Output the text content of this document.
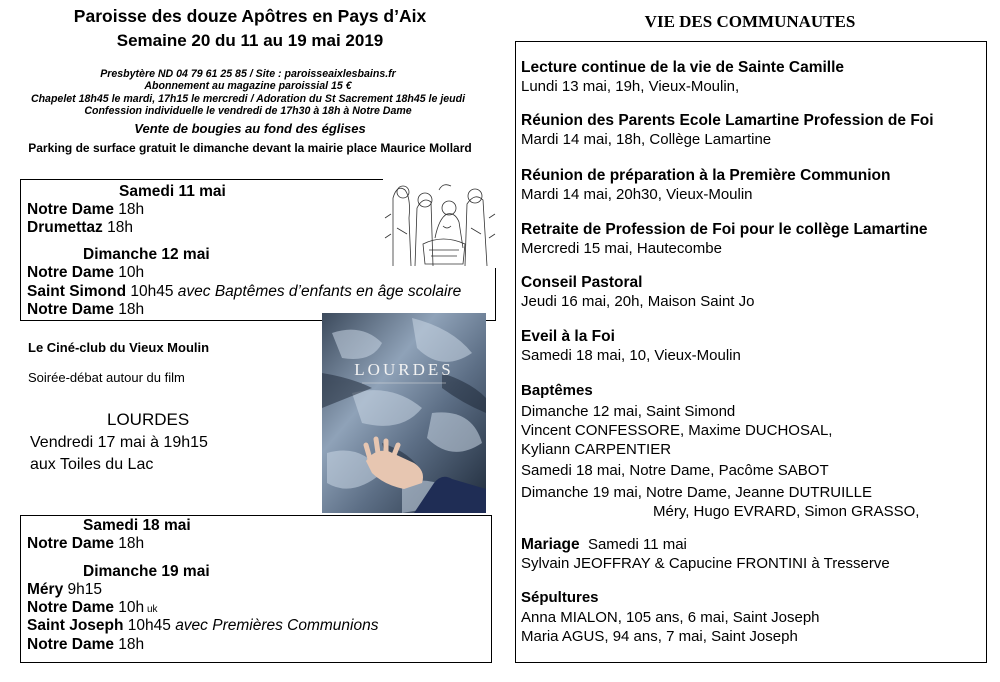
Paroisse des douze Apôtres en Pays d’Aix
Semaine 20 du 11 au 19 mai 2019
Presbytère ND 04 79 61 25 85 / Site : paroisseaixlesbains.fr
Abonnement au magazine paroissial 15 €
Chapelet 18h45 le mardi, 17h15 le mercredi / Adoration du St Sacrement 18h45 le jeudi
Confession individuelle le vendredi de 17h30 à 18h à Notre Dame
Vente de bougies au fond des églises
Parking de surface gratuit le dimanche devant la mairie place Maurice Mollard
Samedi 11 mai
Notre Dame 18h
Drumettaz 18h
Dimanche 12 mai
Notre Dame 10h
Saint Simond 10h45 avec Baptêmes d’enfants en âge scolaire
Notre Dame 18h
Le Ciné-club du Vieux Moulin
Soirée-débat autour du film
LOURDES
Vendredi 17 mai à 19h15
aux Toiles du Lac
LOURDES
Samedi 18 mai
Notre Dame 18h
Dimanche 19 mai
Méry 9h15
Notre Dame 10h uk
Saint Joseph 10h45 avec Premières Communions
Notre Dame 18h
VIE DES COMMUNAUTES
Lecture continue de la vie de Sainte Camille
Lundi 13 mai, 19h, Vieux-Moulin,
Réunion des Parents Ecole Lamartine Profession de Foi
Mardi 14 mai, 18h, Collège Lamartine
Réunion de préparation à la Première Communion
Mardi 14 mai, 20h30, Vieux-Moulin
Retraite de Profession de Foi pour le collège Lamartine
Mercredi 15 mai, Hautecombe
Conseil Pastoral
Jeudi 16 mai, 20h, Maison Saint Jo
Eveil à la Foi
Samedi 18 mai, 10, Vieux-Moulin
Baptêmes
Dimanche 12 mai, Saint Simond
Vincent CONFESSORE, Maxime DUCHOSAL,
Kyliann CARPENTIER
Samedi 18 mai, Notre Dame, Pacôme SABOT
Dimanche 19 mai, Notre Dame, Jeanne DUTRUILLE
Méry, Hugo EVRARD, Simon GRASSO,
Mariage Samedi 11 mai
Sylvain JEOFFRAY & Capucine FRONTINI à Tresserve
Sépultures
Anna MIALON, 105 ans, 6 mai, Saint Joseph
Maria AGUS, 94 ans, 7 mai, Saint Joseph
